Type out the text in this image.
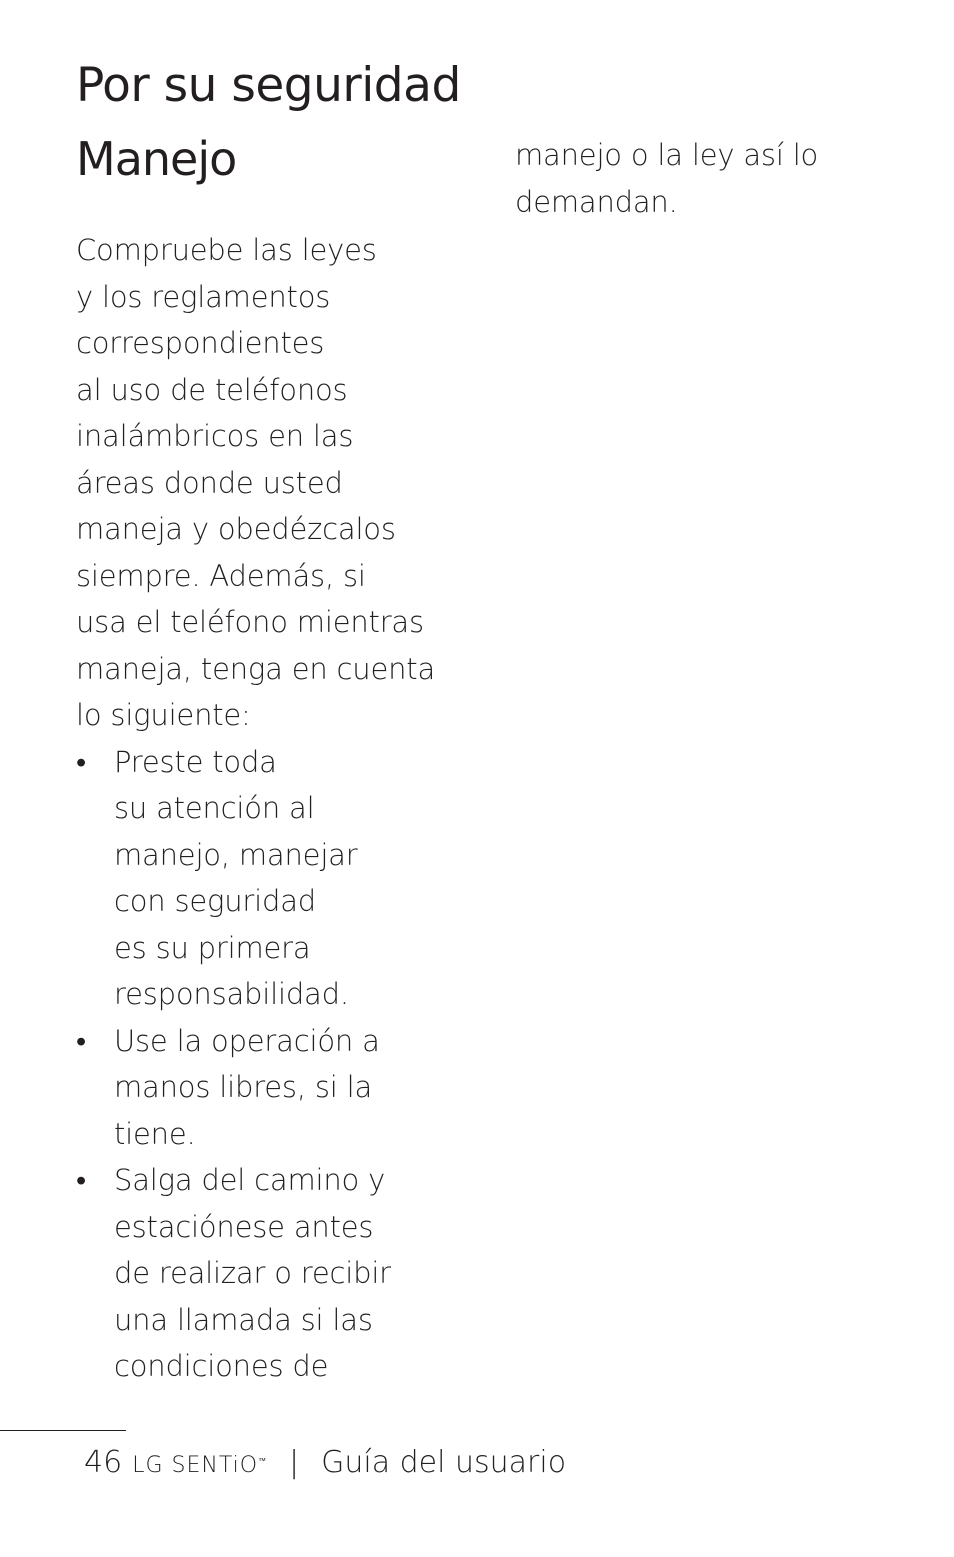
Por su seguridad
Manejo
Compruebe las leyes
y los reglamentos
correspondientes
al uso de teléfonos
inalámbricos en las
áreas donde usted
maneja y obedézcalos
siempre. Además, si
usa el teléfono mientras
maneja, tenga en cuenta
lo siguiente:
• Preste toda
su atención al
manejo, manejar
con seguridad
es su primera
responsabilidad.
• Use la operación a
manos libres, si la
tiene.
• Salga del camino y
estaciónese antes
de realizar o recibir
una llamada si las
condiciones de
manejo o la ley así lo
demandan.
46 LG SENTiO™ | Guía del usuario
